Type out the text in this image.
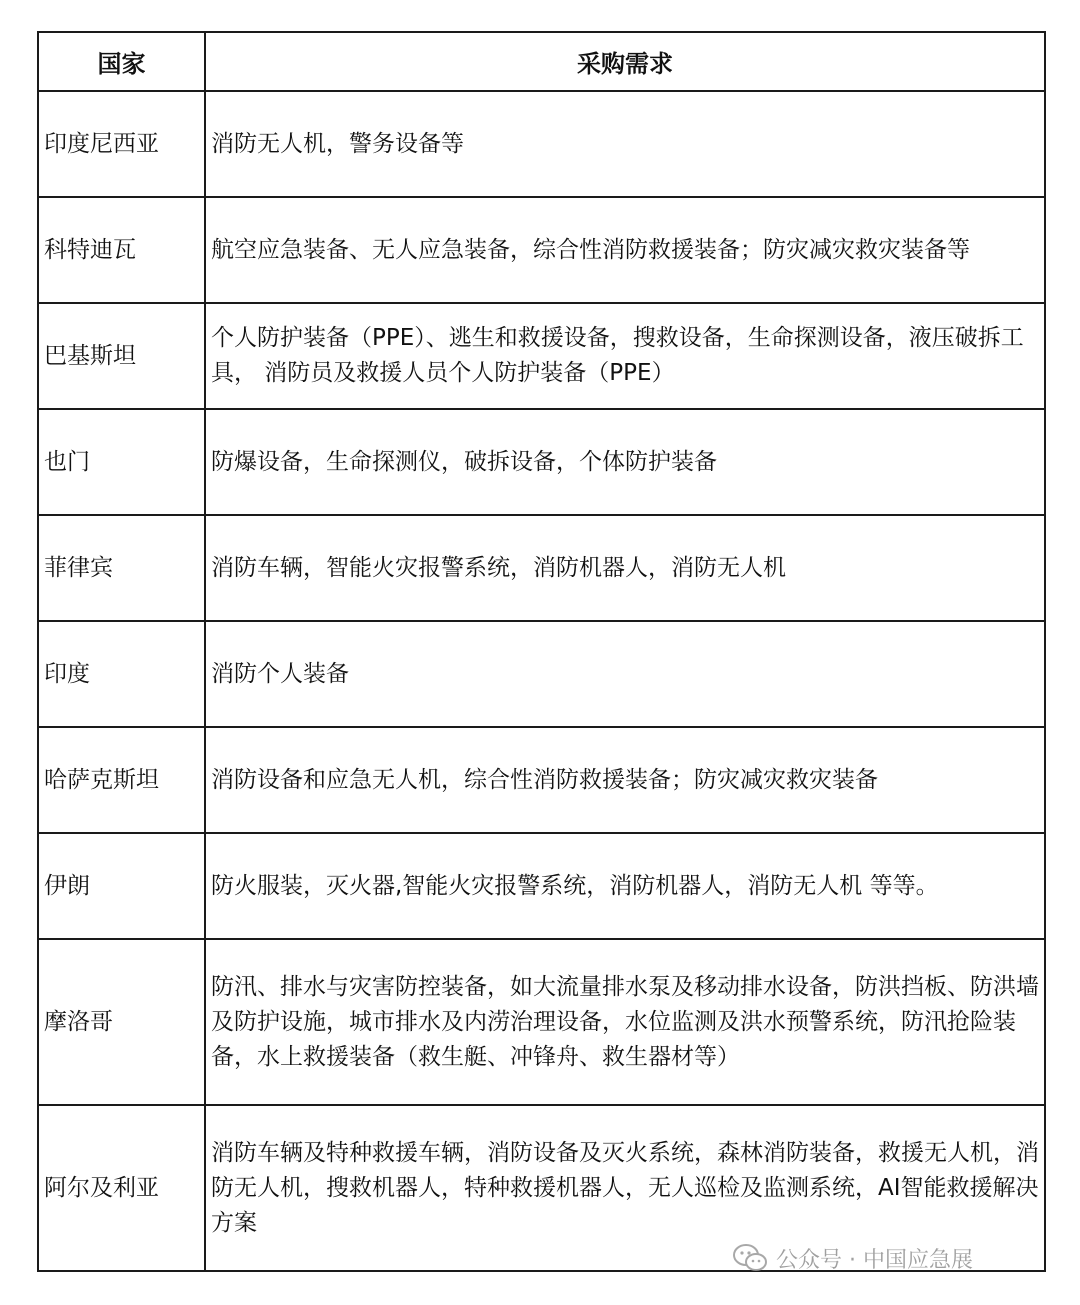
国家	采购需求
印度尼西亚	消防无人机，警务设备等
科特迪瓦	航空应急装备、无人应急装备，综合性消防救援装备；防灾减灾救灾装备等
巴基斯坦	个人防护装备（PPE）、逃生和救援设备，搜救设备，生命探测设备，液压破拆工具， 消防员及救援人员个人防护装备（PPE）
也门	防爆设备，生命探测仪，破拆设备，个体防护装备
菲律宾	消防车辆，智能火灾报警系统，消防机器人，消防无人机
印度	消防个人装备
哈萨克斯坦	消防设备和应急无人机，综合性消防救援装备；防灾减灾救灾装备
伊朗	防火服装，灭火器,智能火灾报警系统，消防机器人，消防无人机 等等。
摩洛哥	防汛、排水与灾害防控装备，如大流量排水泵及移动排水设备，防洪挡板、防洪墙及防护设施，城市排水及内涝治理设备，水位监测及洪水预警系统，防汛抢险装备，水上救援装备（救生艇、冲锋舟、救生器材等）
阿尔及利亚	消防车辆及特种救援车辆，消防设备及灭火系统，森林消防装备，救援无人机，消防无人机，搜救机器人，特种救援机器人，无人巡检及监测系统，AI智能救援解决方案
公众号 · 中国应急展
